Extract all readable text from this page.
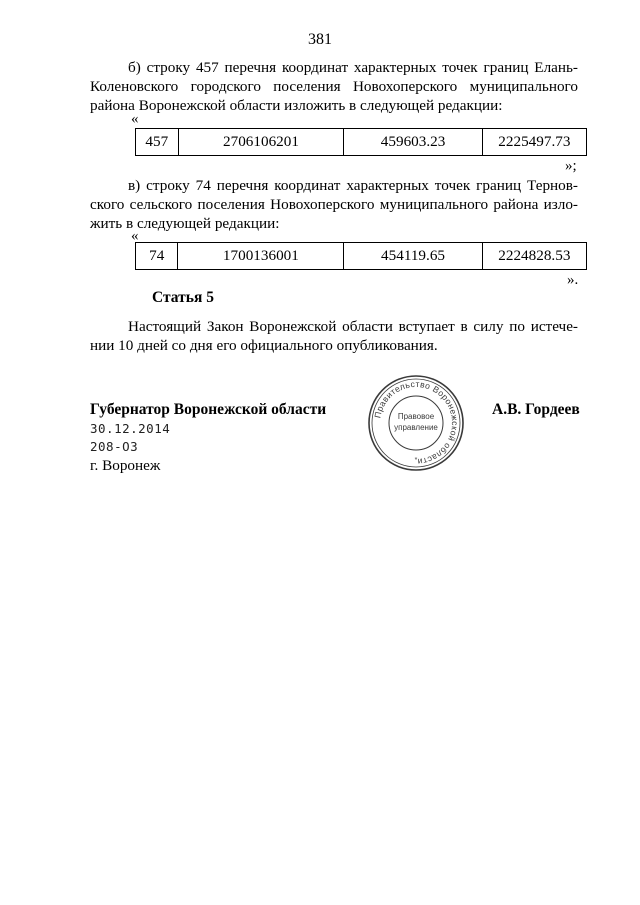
381
б) строку 457 перечня координат характерных точек границ Елань-
Коленовского городского поселения Новохоперского муниципального
района Воронежской области изложить в следующей редакции:
«
457	2706106201	459603.23	2225497.73
»;
в) строку 74 перечня координат характерных точек границ Тернов-
ского сельского поселения Новохоперского муниципального района изло-
жить в следующей редакции:
«
74	1700136001	454119.65	2224828.53
».
Статья 5
Настоящий Закон Воронежской области вступает в силу по истече-
нии 10 дней со дня его официального опубликования.
Губернатор Воронежской области	А.В. Гордеев
30.12.2014
208-ОЗ
г. Воронеж
Правительство Воронежской области
Правовое
управление
*
